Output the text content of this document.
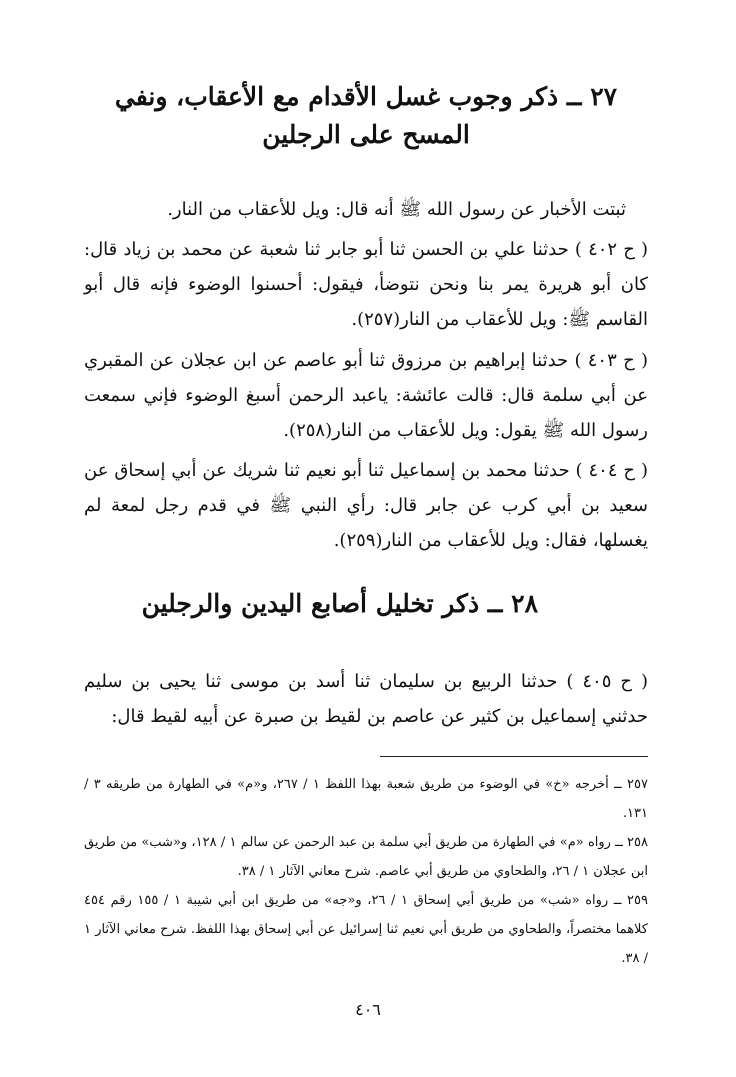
٢٧ ــ ذكر وجوب غسل الأقدام مع الأعقاب، ونفي المسح على الرجلين
ثبتت الأخبار عن رسول الله ﷺ أنه قال: ويل للأعقاب من النار.
( ح ٤٠٢ ) حدثنا علي بن الحسن ثنا أبو جابر ثنا شعبة عن محمد بن زياد قال: كان أبو هريرة يمر بنا ونحن نتوضأ، فيقول: أحسنوا الوضوء فإنه قال أبو القاسم ﷺ: ويل للأعقاب من النار(٢٥٧).
( ح ٤٠٣ ) حدثنا إبراهيم بن مرزوق ثنا أبو عاصم عن ابن عجلان عن المقبري عن أبي سلمة قال: قالت عائشة: ياعبد الرحمن أسبغ الوضوء فإني سمعت رسول الله ﷺ يقول: ويل للأعقاب من النار(٢٥٨).
( ح ٤٠٤ ) حدثنا محمد بن إسماعيل ثنا أبو نعيم ثنا شريك عن أبي إسحاق عن سعيد بن أبي كرب عن جابر قال: رأي النبي ﷺ في قدم رجل لمعة لم يغسلها، فقال: ويل للأعقاب من النار(٢٥٩).
٢٨ ــ ذكر تخليل أصابع اليدين والرجلين
( ح ٤٠٥ ) حدثنا الربيع بن سليمان ثنا أسد بن موسى ثنا يحيى بن سليم حدثني إسماعيل بن كثير عن عاصم بن لقيط بن صبرة عن أبيه لقيط قال:
٢٥٧ ــ أخرجه «خ» في الوضوء من طريق شعبة بهذا اللفظ ١ / ٢٦٧، و«م» في الطهارة من طريقه ٣ / ١٣١.
٢٥٨ ــ رواه «م» في الطهارة من طريق أبي سلمة بن عبد الرحمن عن سالم ١ / ١٢٨، و«شب» من طريق ابن عجلان ١ / ٢٦، والطحاوي من طريق أبي عاصم. شرح معاني الآثار ١ / ٣٨.
٢٥٩ ــ رواه «شب» من طريق أبي إسحاق ١ / ٢٦، و«جه» من طريق ابن أبي شيبة ١ / ١٥٥ رقم ٤٥٤ كلاهما مختصراً، والطحاوي من طريق أبي نعيم ثنا إسرائيل عن أبي إسحاق بهذا اللفظ. شرح معاني الآثار ١ / ٣٨.
٤٠٦
